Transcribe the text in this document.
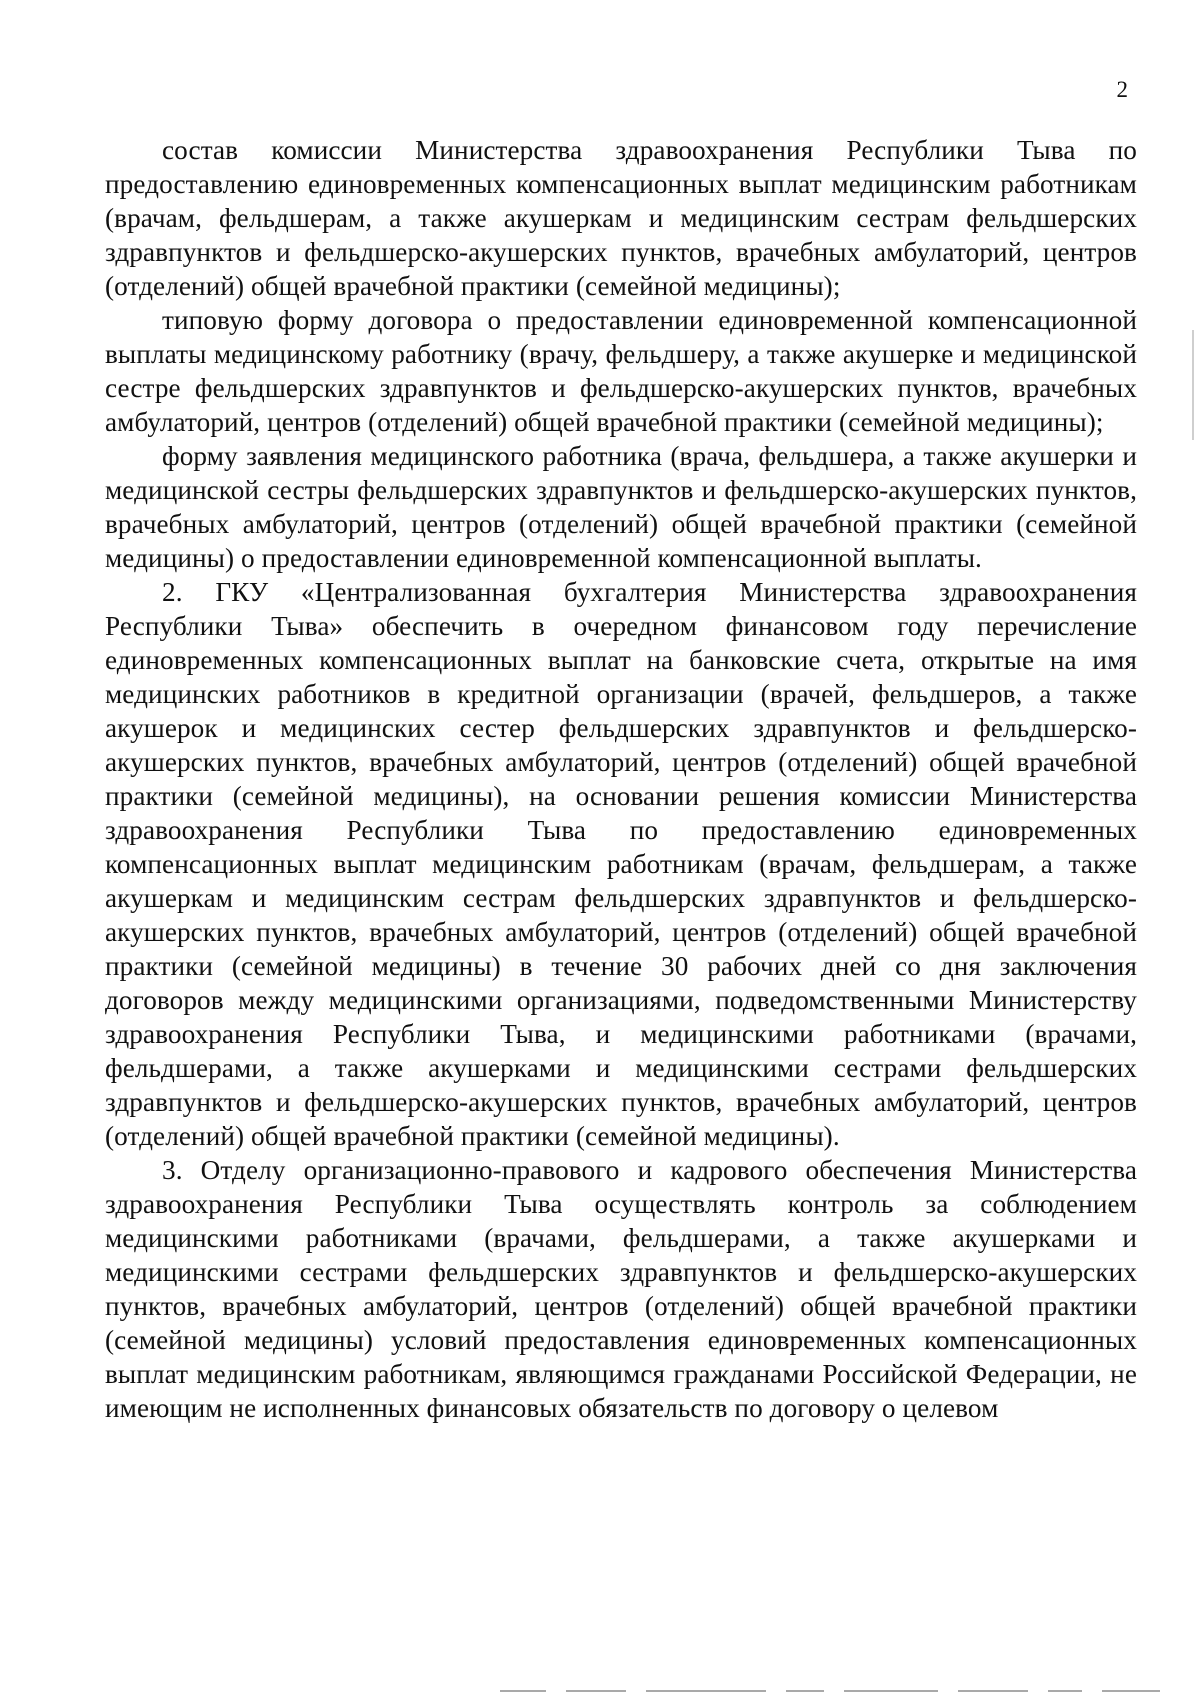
2

состав комиссии Министерства здравоохранения Республики Тыва по предоставлению единовременных компенсационных выплат медицинским работникам (врачам, фельдшерам, а также акушеркам и медицинским сестрам фельдшерских здравпунктов и фельдшерско-акушерских пунктов, врачебных амбулаторий, центров (отделений) общей врачебной практики (семейной медицины);

типовую форму договора о предоставлении единовременной компенсационной выплаты медицинскому работнику (врачу, фельдшеру, а также акушерке и медицинской сестре фельдшерских здравпунктов и фельдшерско-акушерских пунктов, врачебных амбулаторий, центров (отделений) общей врачебной практики (семейной медицины);

форму заявления медицинского работника (врача, фельдшера, а также акушерки и медицинской сестры фельдшерских здравпунктов и фельдшерско-акушерских пунктов, врачебных амбулаторий, центров (отделений) общей врачебной практики (семейной медицины) о предоставлении единовременной компенсационной выплаты.

2. ГКУ «Централизованная бухгалтерия Министерства здравоохранения Республики Тыва» обеспечить в очередном финансовом году перечисление единовременных компенсационных выплат на банковские счета, открытые на имя медицинских работников в кредитной организации (врачей, фельдшеров, а также акушерок и медицинских сестер фельдшерских здравпунктов и фельдшерско-акушерских пунктов, врачебных амбулаторий, центров (отделений) общей врачебной практики (семейной медицины), на основании решения комиссии Министерства здравоохранения Республики Тыва по предоставлению единовременных компенсационных выплат медицинским работникам (врачам, фельдшерам, а также акушеркам и медицинским сестрам фельдшерских здравпунктов и фельдшерско-акушерских пунктов, врачебных амбулаторий, центров (отделений) общей врачебной практики (семейной медицины) в течение 30 рабочих дней со дня заключения договоров между медицинскими организациями, подведомственными Министерству здравоохранения Республики Тыва, и медицинскими работниками (врачами, фельдшерами, а также акушерками и медицинскими сестрами фельдшерских здравпунктов и фельдшерско-акушерских пунктов, врачебных амбулаторий, центров (отделений) общей врачебной практики (семейной медицины).

3. Отделу организационно-правового и кадрового обеспечения Министерства здравоохранения Республики Тыва осуществлять контроль за соблюдением медицинскими работниками (врачами, фельдшерами, а также акушерками и медицинскими сестрами фельдшерских здравпунктов и фельдшерско-акушерских пунктов, врачебных амбулаторий, центров (отделений) общей врачебной практики (семейной медицины) условий предоставления единовременных компенсационных выплат медицинским работникам, являющимся гражданами Российской Федерации, не имеющим не исполненных финансовых обязательств по договору о целевом
